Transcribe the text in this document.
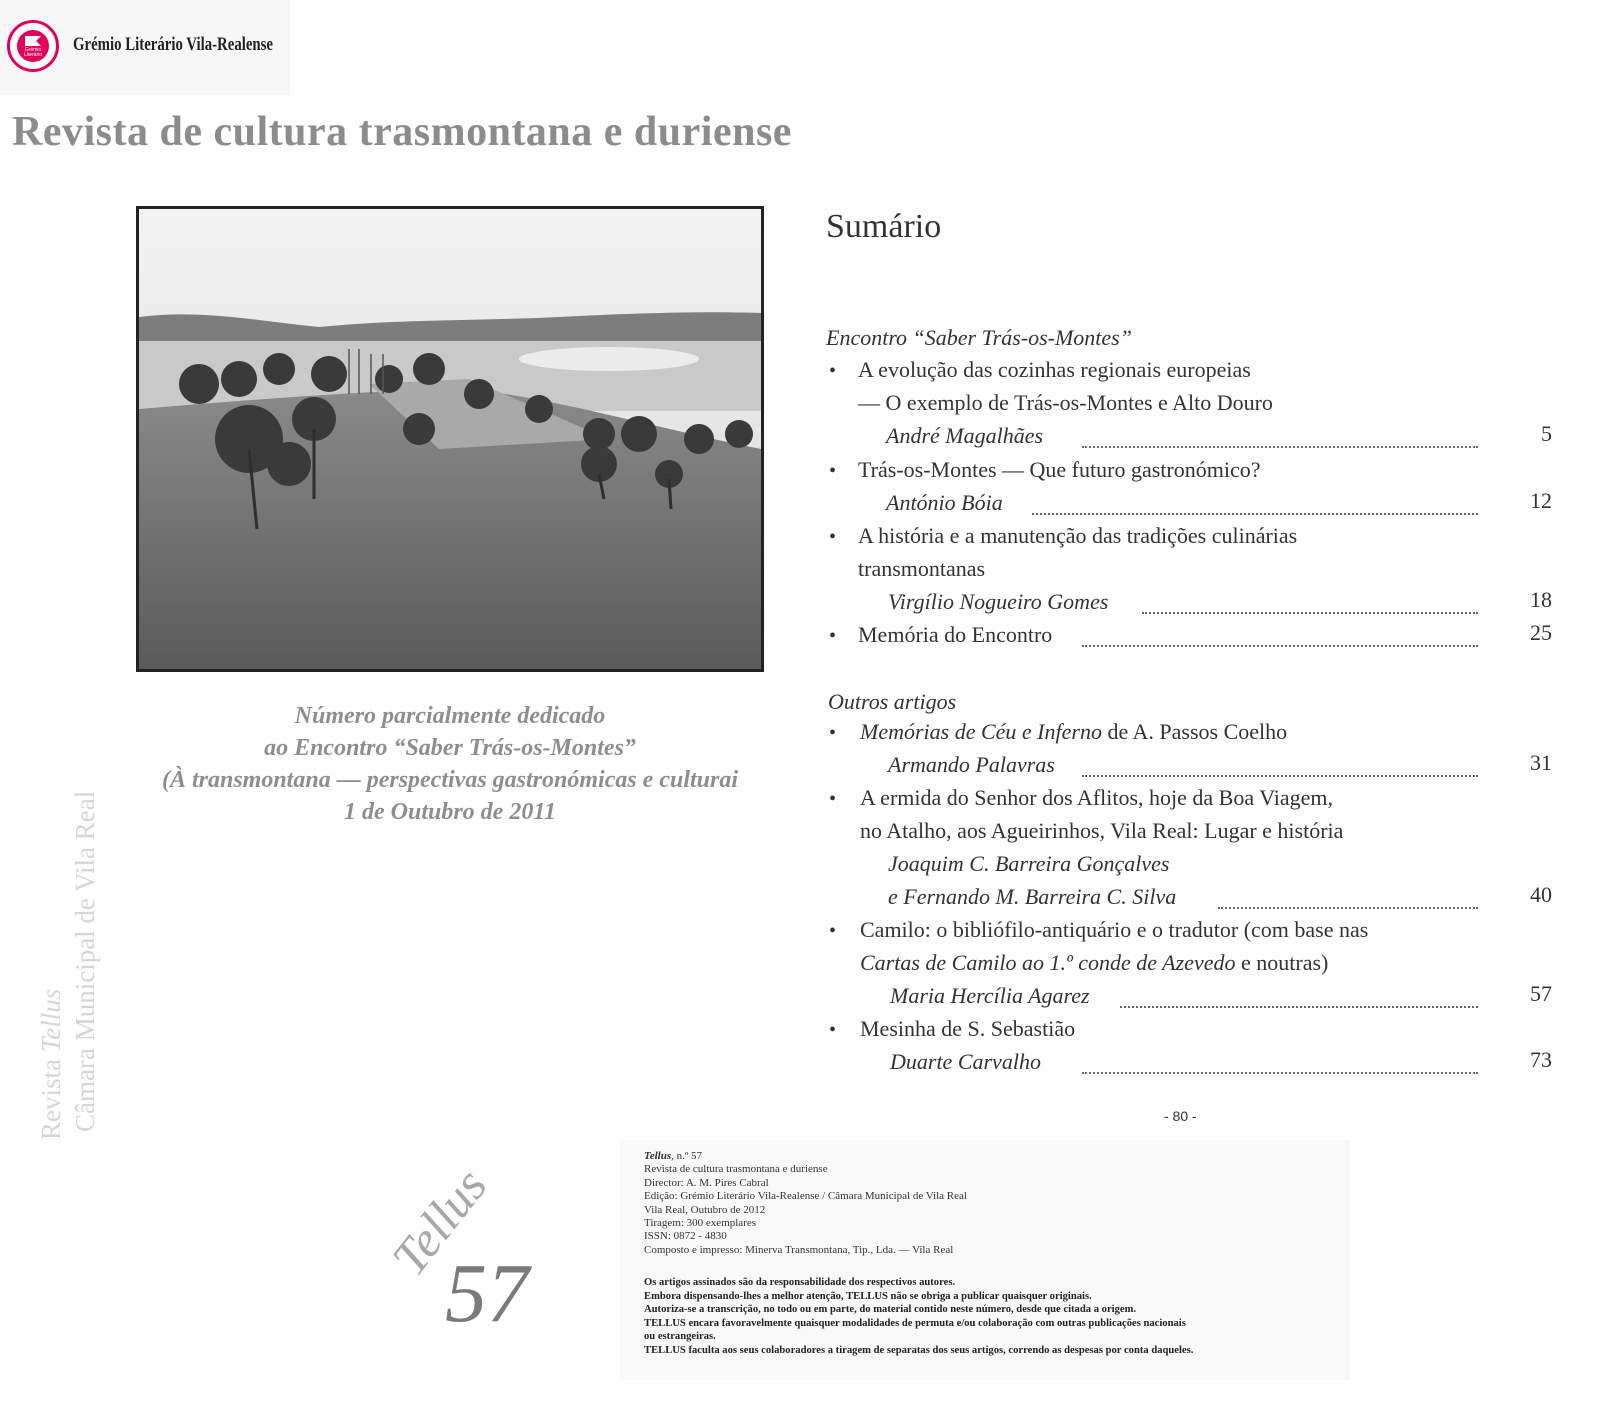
Grémio Literário Grémio Literário Vila-Realense
Revista de cultura trasmontana e duriense
Número parcialmente dedicado
ao Encontro “Saber Trás-os-Montes”
(À transmontana — perspectivas gastronómicas e culturai
1 de Outubro de 2011
Revista Tellus Câmara Municipal de Vila Real
Tellus
57
Sumário
Encontro “Saber Trás-os-Montes”
• A evolução das cozinhas regionais europeias
— O exemplo de Trás-os-Montes e Alto Douro
André Magalhães	5
• Trás-os-Montes — Que futuro gastronómico?
António Bóia	12
• A história e a manutenção das tradições culinárias
transmontanas
Virgílio Nogueiro Gomes	18
• Memória do Encontro	25
Outros artigos
• Memórias de Céu e Inferno de A. Passos Coelho
Armando Palavras	31
• A ermida do Senhor dos Aflitos, hoje da Boa Viagem,
no Atalho, aos Agueirinhos, Vila Real: Lugar e história
Joaquim C. Barreira Gonçalves
e Fernando M. Barreira C. Silva	40
• Camilo: o bibliófilo-antiquário e o tradutor (com base nas
Cartas de Camilo ao 1.º conde de Azevedo e noutras)
Maria Hercília Agarez	57
• Mesinha de S. Sebastião
Duarte Carvalho	73
- 80 -
Tellus, n.º 57
Revista de cultura trasmontana e duriense
Director: A. M. Pires Cabral
Edição: Grémio Literário Vila-Realense / Câmara Municipal de Vila Real
Vila Real, Outubro de 2012
Tiragem: 300 exemplares
ISSN: 0872 - 4830
Composto e impresso: Minerva Transmontana, Tip., Lda. — Vila Real
Os artigos assinados são da responsabilidade dos respectivos autores.
Embora dispensando-lhes a melhor atenção, TELLUS não se obriga a publicar quaisquer originais.
Autoriza-se a transcrição, no todo ou em parte, do material contido neste número, desde que citada a origem.
TELLUS encara favoravelmente quaisquer modalidades de permuta e/ou colaboração com outras publicações nacionais
ou estrangeiras.
TELLUS faculta aos seus colaboradores a tiragem de separatas dos seus artigos, correndo as despesas por conta daqueles.
